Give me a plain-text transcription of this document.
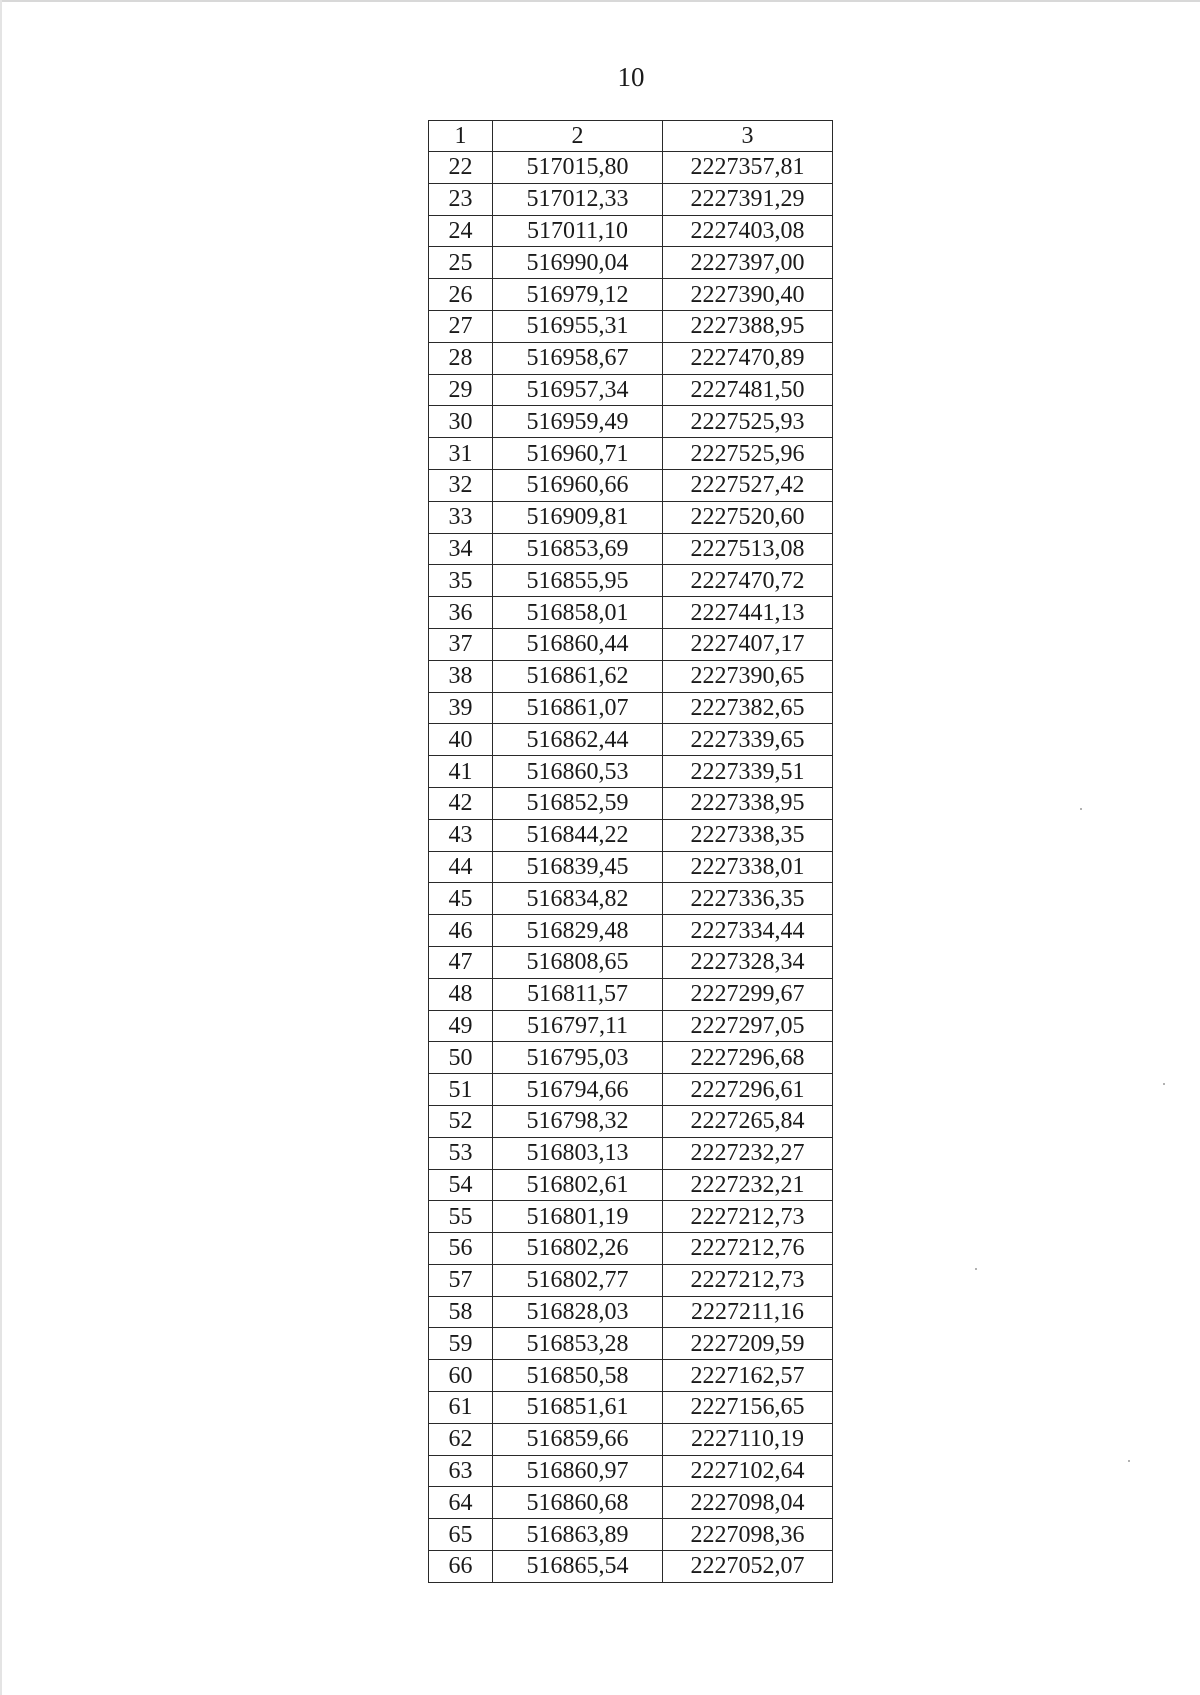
10
1	2	3
22	517015,80	2227357,81
23	517012,33	2227391,29
24	517011,10	2227403,08
25	516990,04	2227397,00
26	516979,12	2227390,40
27	516955,31	2227388,95
28	516958,67	2227470,89
29	516957,34	2227481,50
30	516959,49	2227525,93
31	516960,71	2227525,96
32	516960,66	2227527,42
33	516909,81	2227520,60
34	516853,69	2227513,08
35	516855,95	2227470,72
36	516858,01	2227441,13
37	516860,44	2227407,17
38	516861,62	2227390,65
39	516861,07	2227382,65
40	516862,44	2227339,65
41	516860,53	2227339,51
42	516852,59	2227338,95
43	516844,22	2227338,35
44	516839,45	2227338,01
45	516834,82	2227336,35
46	516829,48	2227334,44
47	516808,65	2227328,34
48	516811,57	2227299,67
49	516797,11	2227297,05
50	516795,03	2227296,68
51	516794,66	2227296,61
52	516798,32	2227265,84
53	516803,13	2227232,27
54	516802,61	2227232,21
55	516801,19	2227212,73
56	516802,26	2227212,76
57	516802,77	2227212,73
58	516828,03	2227211,16
59	516853,28	2227209,59
60	516850,58	2227162,57
61	516851,61	2227156,65
62	516859,66	2227110,19
63	516860,97	2227102,64
64	516860,68	2227098,04
65	516863,89	2227098,36
66	516865,54	2227052,07
